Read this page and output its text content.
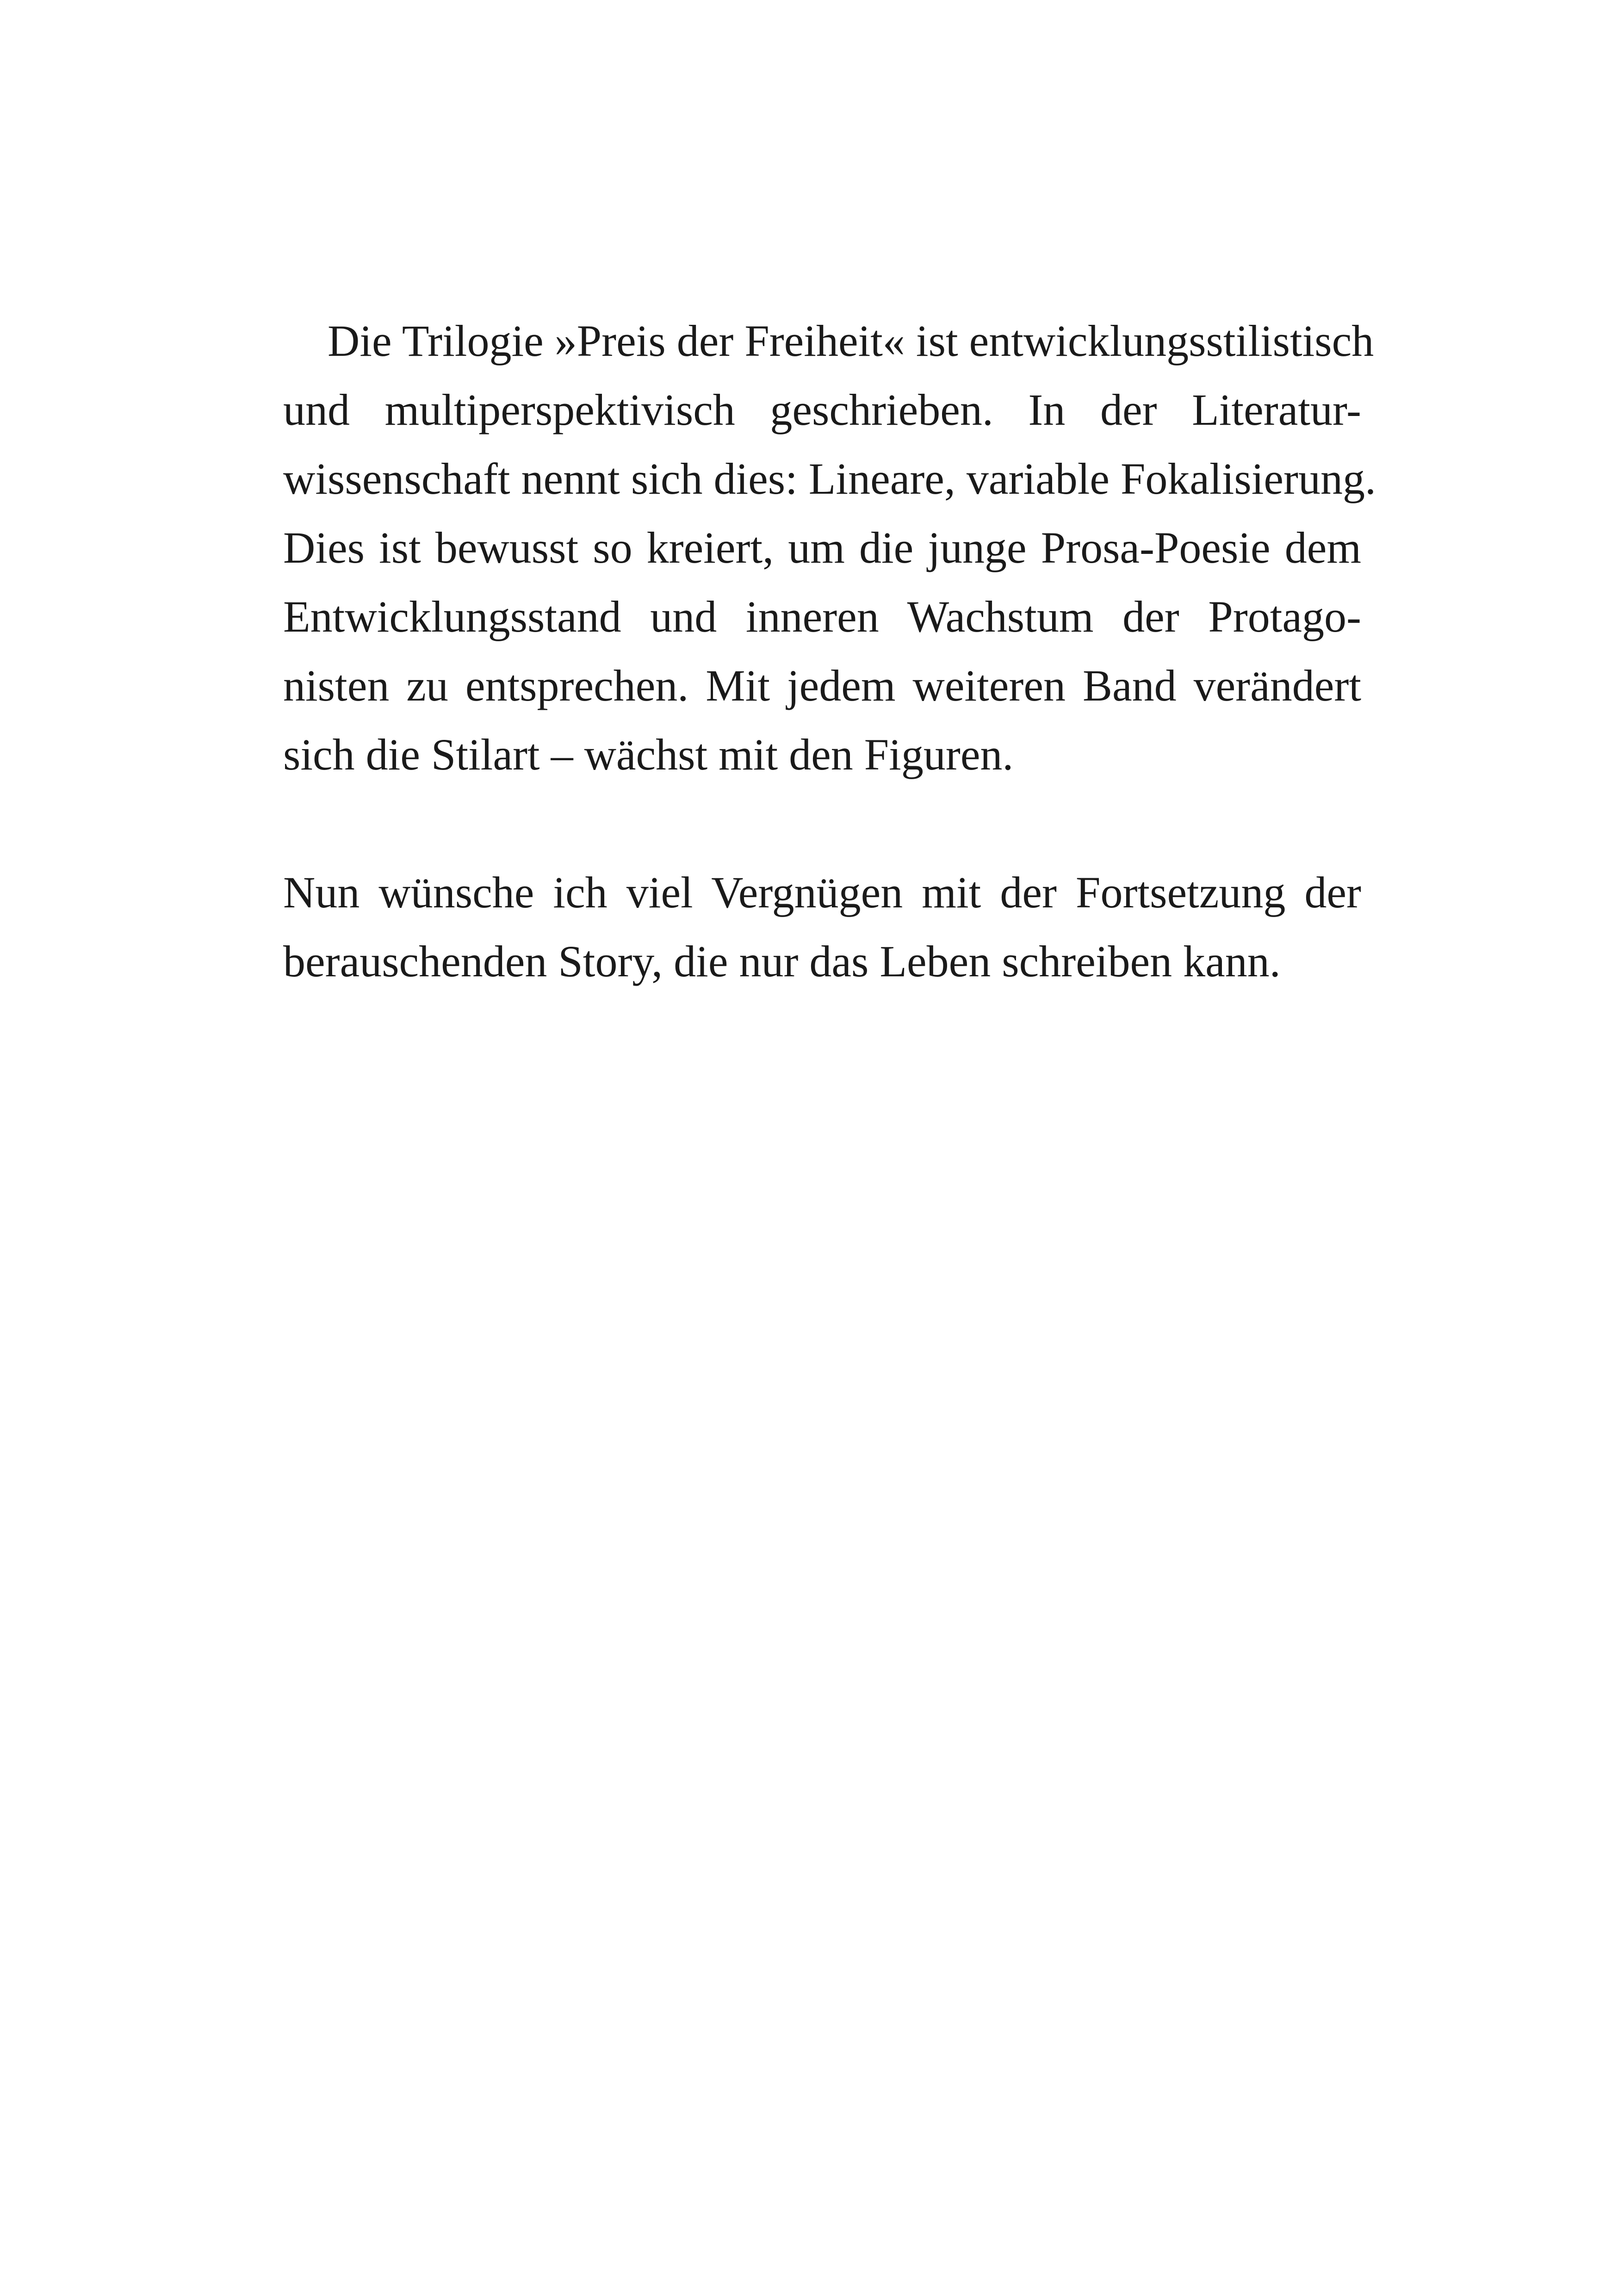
Die Trilogie »Preis der Freiheit« ist entwicklungsstilistisch
und multiperspektivisch geschrieben. In der Literatur-
wissenschaft nennt sich dies: Lineare, variable Fokalisierung.
Dies ist bewusst so kreiert, um die junge Prosa-Poesie dem
Entwicklungsstand und inneren Wachstum der Protago-
nisten zu entsprechen. Mit jedem weiteren Band verändert
sich die Stilart – wächst mit den Figuren.

Nun wünsche ich viel Vergnügen mit der Fortsetzung der
berauschenden Story, die nur das Leben schreiben kann.
